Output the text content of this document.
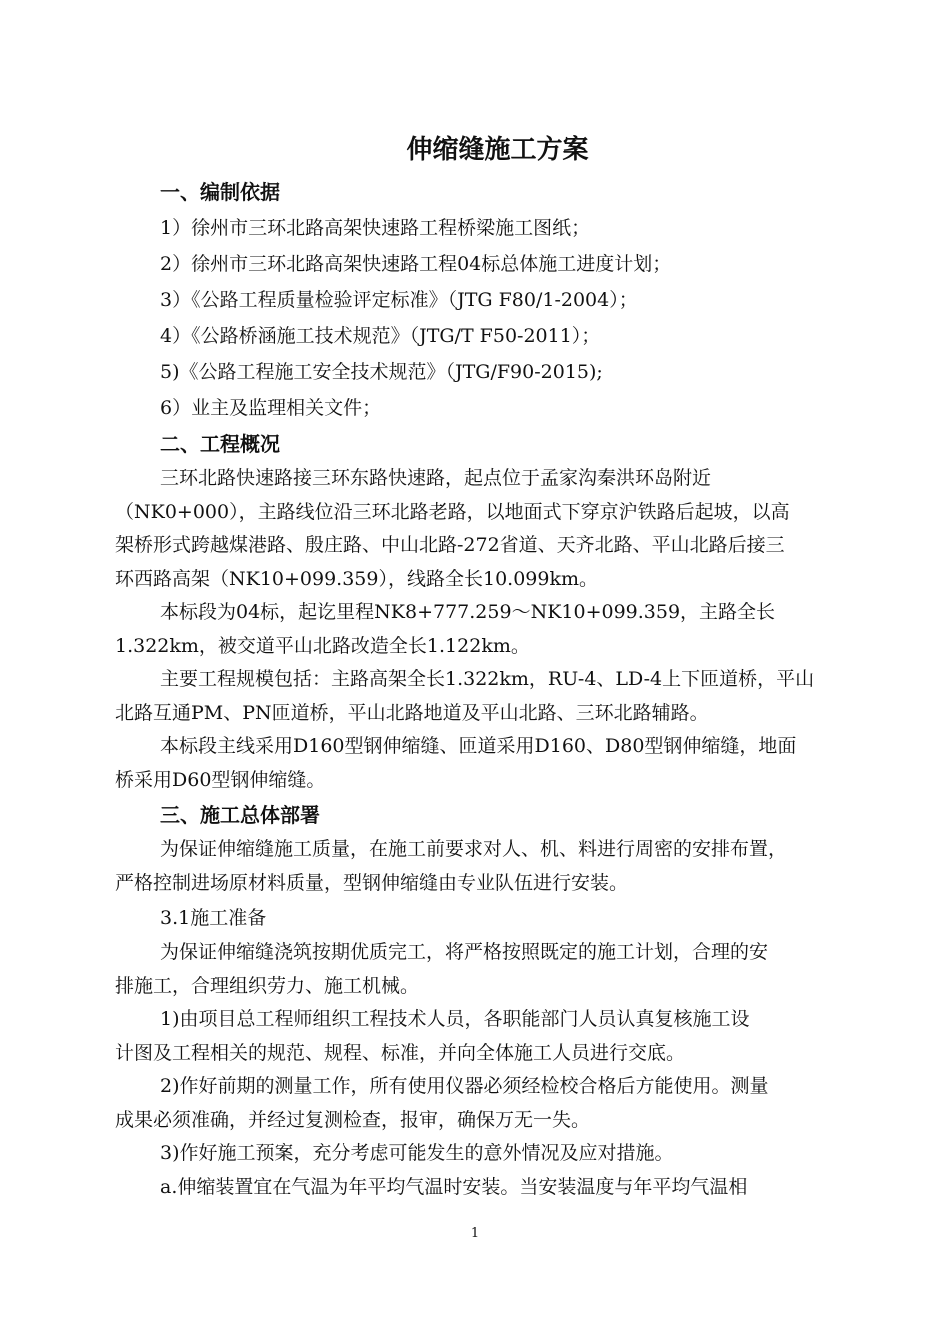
伸缩缝施工方案

一、编制依据

1）徐州市三环北路高架快速路工程桥梁施工图纸；

2）徐州市三环北路高架快速路工程04标总体施工进度计划；

3）《公路工程质量检验评定标准》（JTG F80/1-2004）；

4）《公路桥涵施工技术规范》（JTG/T F50-2011）；

5)《公路工程施工安全技术规范》（JTG/F90-2015);

6）业主及监理相关文件；

二、工程概况

三环北路快速路接三环东路快速路，起点位于孟家沟秦洪环岛附近
（NK0+000），主路线位沿三环北路老路，以地面式下穿京沪铁路后起坡，以高
架桥形式跨越煤港路、殷庄路、中山北路-272省道、天齐北路、平山北路后接三
环西路高架（NK10+099.359），线路全长10.099km。

本标段为04标，起讫里程NK8+777.259～NK10+099.359，主路全长
1.322km，被交道平山北路改造全长1.122km。

主要工程规模包括：主路高架全长1.322km，RU-4、LD-4上下匝道桥，平山
北路互通PM、PN匝道桥，平山北路地道及平山北路、三环北路辅路。

本标段主线采用D160型钢伸缩缝、匝道采用D160、D80型钢伸缩缝，地面
桥采用D60型钢伸缩缝。

三、施工总体部署

为保证伸缩缝施工质量，在施工前要求对人、机、料进行周密的安排布置，
严格控制进场原材料质量，型钢伸缩缝由专业队伍进行安装。

3.1施工准备

为保证伸缩缝浇筑按期优质完工，将严格按照既定的施工计划，合理的安
排施工，合理组织劳力、施工机械。

1)由项目总工程师组织工程技术人员，各职能部门人员认真复核施工设
计图及工程相关的规范、规程、标准，并向全体施工人员进行交底。

2)作好前期的测量工作，所有使用仪器必须经检校合格后方能使用。测量
成果必须准确，并经过复测检查，报审，确保万无一失。

3)作好施工预案，充分考虑可能发生的意外情况及应对措施。

a.伸缩装置宜在气温为年平均气温时安装。当安装温度与年平均气温相

1
